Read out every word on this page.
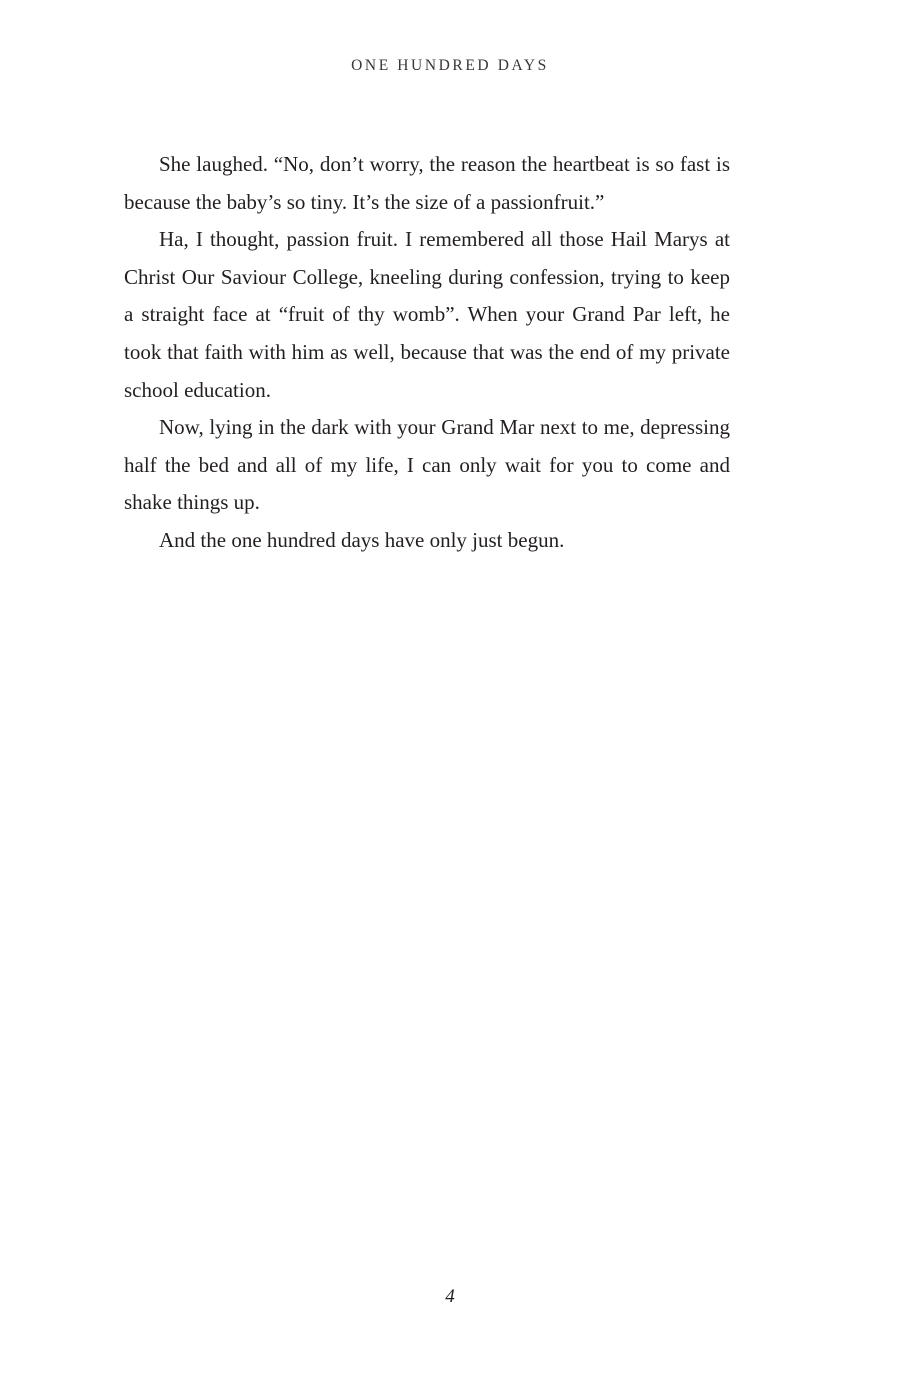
ONE HUNDRED DAYS

She laughed. “No, don’t worry, the reason the heartbeat is so fast is because the baby’s so tiny. It’s the size of a passionfruit.”

Ha, I thought, passion fruit. I remembered all those Hail Marys at Christ Our Saviour College, kneeling during confession, trying to keep a straight face at “fruit of thy womb”. When your Grand Par left, he took that faith with him as well, because that was the end of my private school education.

Now, lying in the dark with your Grand Mar next to me, depressing half the bed and all of my life, I can only wait for you to come and shake things up.

And the one hundred days have only just begun.

4
